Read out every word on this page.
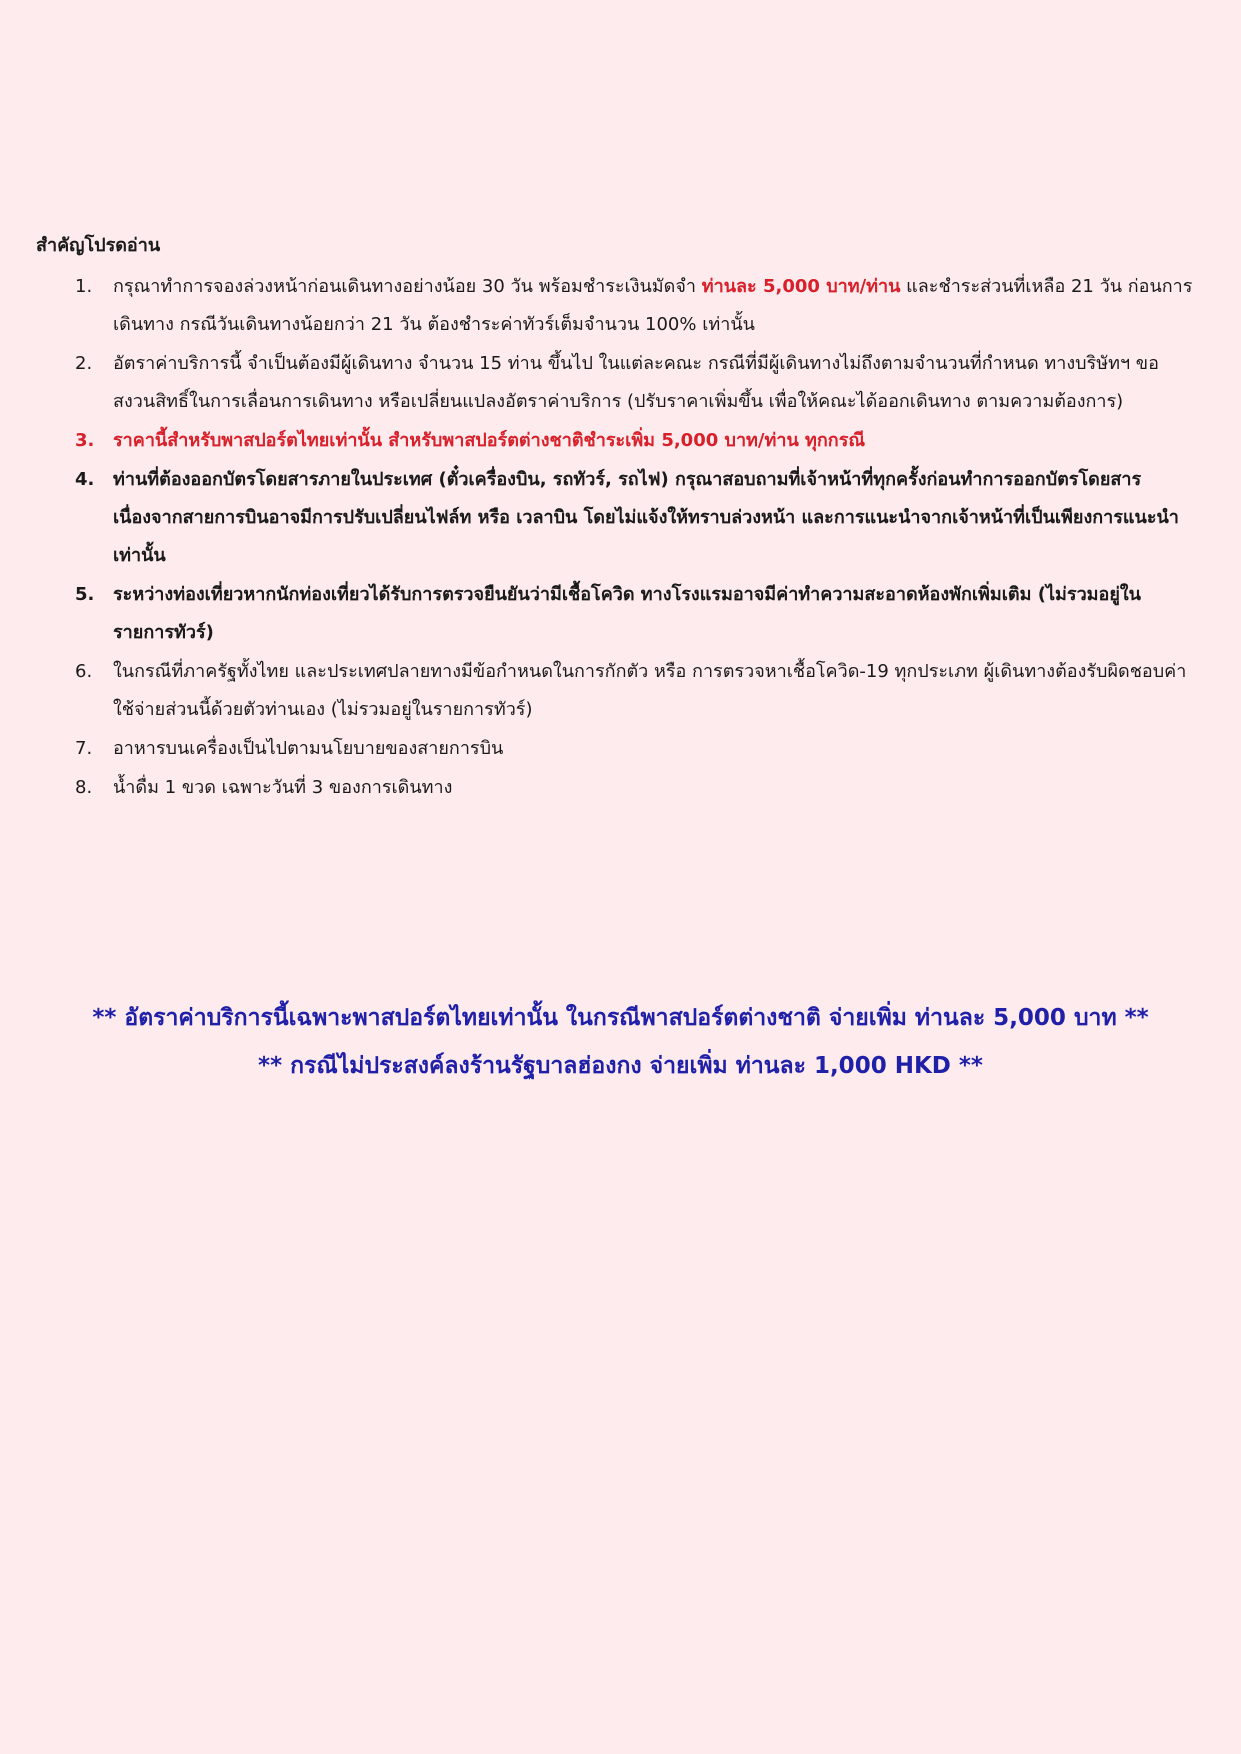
สำคัญโปรดอ่าน
1. กรุณาทำการจองล่วงหน้าก่อนเดินทางอย่างน้อย 30 วัน พร้อมชำระเงินมัดจำ ท่านละ 5,000 บาท/ท่าน และชำระส่วนที่เหลือ 21 วัน ก่อนการเดินทาง กรณีวันเดินทางน้อยกว่า 21 วัน ต้องชำระค่าทัวร์เต็มจำนวน 100% เท่านั้น
2. อัตราค่าบริการนี้ จำเป็นต้องมีผู้เดินทาง จำนวน 15 ท่าน ขึ้นไป ในแต่ละคณะ กรณีที่มีผู้เดินทางไม่ถึงตามจำนวนที่กำหนด ทางบริษัทฯ ขอสงวนสิทธิ์ในการเลื่อนการเดินทาง หรือเปลี่ยนแปลงอัตราค่าบริการ (ปรับราคาเพิ่มขึ้น เพื่อให้คณะได้ออกเดินทาง ตามความต้องการ)
3. ราคานี้สำหรับพาสปอร์ตไทยเท่านั้น สำหรับพาสปอร์ตต่างชาติชำระเพิ่ม 5,000 บาท/ท่าน ทุกกรณี
4. ท่านที่ต้องออกบัตรโดยสารภายในประเทศ (ตั๋วเครื่องบิน, รถทัวร์, รถไฟ) กรุณาสอบถามที่เจ้าหน้าที่ทุกครั้งก่อนทำการออกบัตรโดยสาร เนื่องจากสายการบินอาจมีการปรับเปลี่ยนไฟล์ท หรือ เวลาบิน โดยไม่แจ้งให้ทราบล่วงหน้า และการแนะนำจากเจ้าหน้าที่เป็นเพียงการแนะนำเท่านั้น
5. ระหว่างท่องเที่ยวหากนักท่องเที่ยวได้รับการตรวจยืนยันว่ามีเชื้อโควิด ทางโรงแรมอาจมีค่าทำความสะอาดห้องพักเพิ่มเติม (ไม่รวมอยู่ในรายการทัวร์)
6. ในกรณีที่ภาครัฐทั้งไทย และประเทศปลายทางมีข้อกำหนดในการกักตัว หรือ การตรวจหาเชื้อโควิด-19 ทุกประเภท ผู้เดินทางต้องรับผิดชอบค่าใช้จ่ายส่วนนี้ด้วยตัวท่านเอง (ไม่รวมอยู่ในรายการทัวร์)
7. อาหารบนเครื่องเป็นไปตามนโยบายของสายการบิน
8. น้ำดื่ม 1 ขวด เฉพาะวันที่ 3 ของการเดินทาง
** อัตราค่าบริการนี้เฉพาะพาสปอร์ตไทยเท่านั้น ในกรณีพาสปอร์ตต่างชาติ จ่ายเพิ่ม ท่านละ 5,000 บาท **
** กรณีไม่ประสงค์ลงร้านรัฐบาลฮ่องกง จ่ายเพิ่ม ท่านละ 1,000 HKD **
